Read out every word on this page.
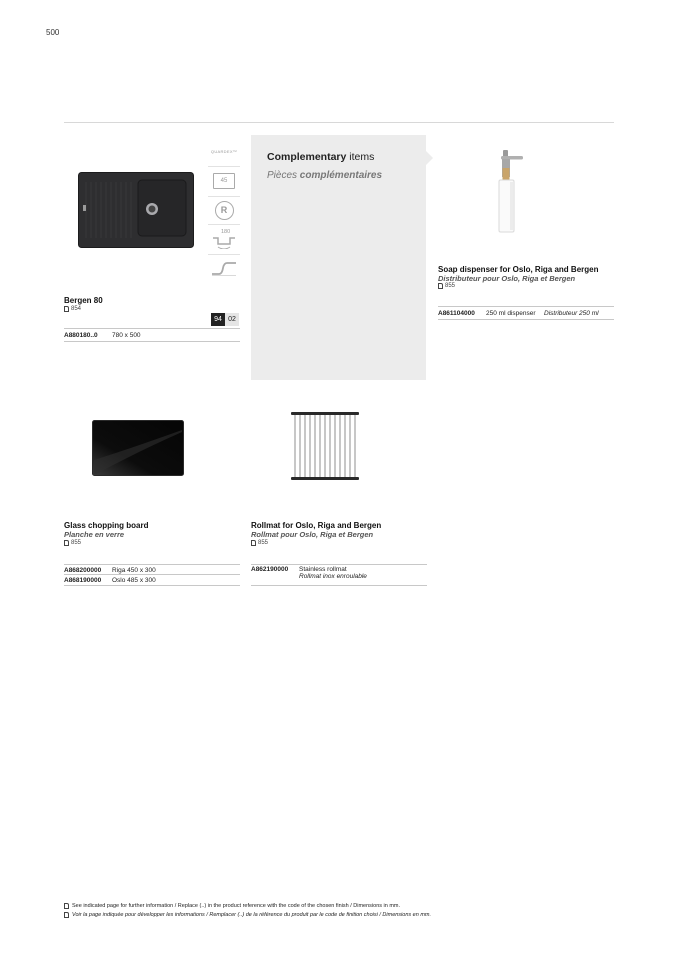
500
QUARDEX™
45
R
180
Bergen 80
854
94 02
A880180..0	780 x 500
Complementary items
Pièces complémentaires
Soap dispenser for Oslo, Riga and Bergen
Distributeur pour Oslo, Riga et Bergen
855
A861104000	250 ml dispenser	Distributeur 250 ml
Glass chopping board
Planche en verre
855
A868200000	Riga 450 x 300
A868190000	Oslo 485 x 300
Rollmat for Oslo, Riga and Bergen
Rollmat pour Oslo, Riga et Bergen
855
A862190000	Stainless rollmat
Rollmat inox enroulable
See indicated page for further information / Replace (..) in the product reference with the code of the chosen finish / Dimensions in mm.
Voir la page indiquée pour développer les informations / Remplacer (..) de la référence du produit par le code de finition choisi / Dimensions en mm.
